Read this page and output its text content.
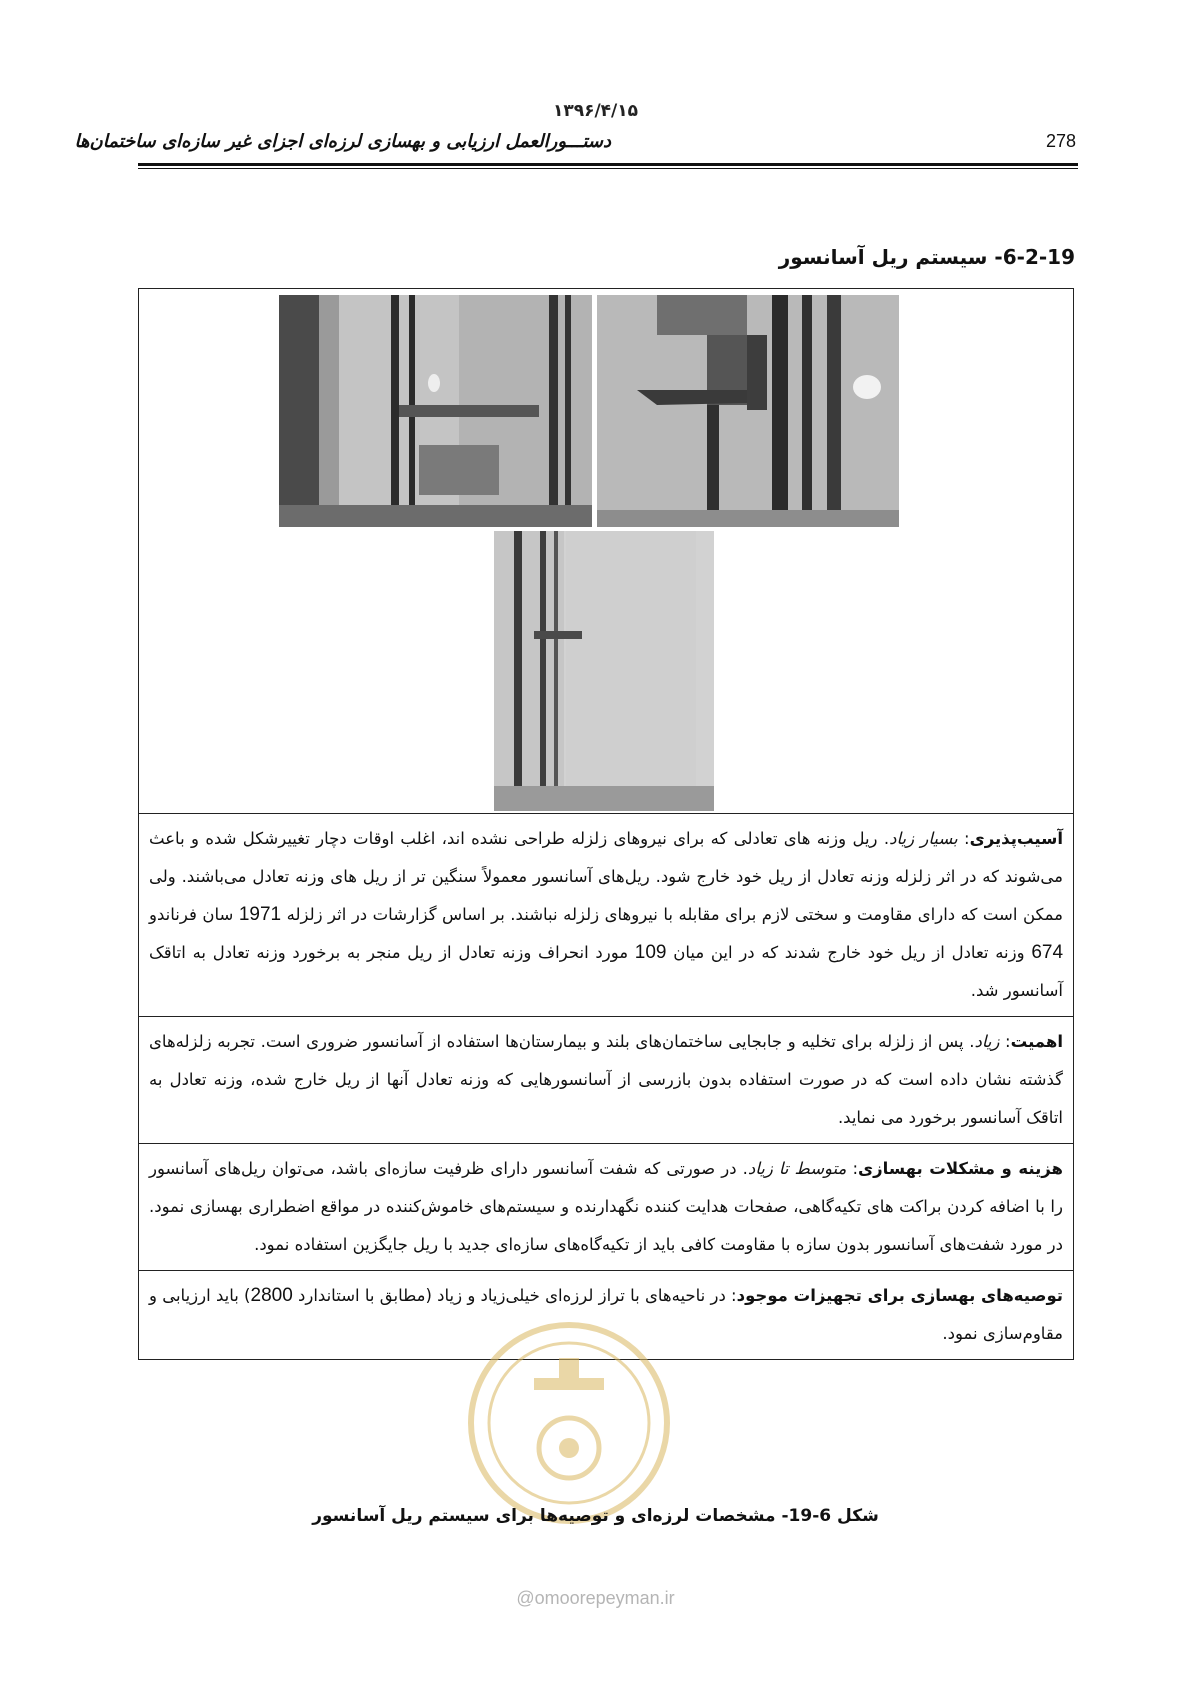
۱۳۹۶/۴/۱۵
دستـــورالعمل ارزیابی و بهسازی لرزه‌ای اجزای غیر سازه‌ای ساختمان‌ها	278
6-2-19- سیستم ریل آسانسور

آسیب‌پذیری: بسیار زیاد. ریل وزنه های تعادلی که برای نیروهای زلزله طراحی نشده اند، اغلب اوقات دچار تغییرشکل شده و باعث می‌شوند که در اثر زلزله وزنه تعادل از ریل خود خارج شود. ریل‌های آسانسور معمولاً سنگین تر از ریل های وزنه تعادل می‌باشند. ولی ممکن است که دارای مقاومت و سختی لازم برای مقابله با نیروهای زلزله نباشند. بر اساس گزارشات در اثر زلزله 1971 سان فرناندو 674 وزنه تعادل از ریل خود خارج شدند که در این میان 109 مورد انحراف وزنه تعادل از ریل منجر به برخورد وزنه تعادل به اتاقک آسانسور شد.
اهمیت: زیاد. پس از زلزله برای تخلیه و جابجایی ساختمان‌های بلند و بیمارستان‌ها استفاده از آسانسور ضروری است. تجربه زلزله‌های گذشته نشان داده است که در صورت استفاده بدون بازرسی از آسانسورهایی که وزنه تعادل آنها از ریل خارج شده، وزنه تعادل به اتاقک آسانسور برخورد می نماید.
هزینه و مشکلات بهسازی: متوسط تا زیاد. در صورتی که شفت آسانسور دارای ظرفیت سازه‌ای باشد، می‌توان ریل‌های آسانسور را با اضافه کردن براکت های تکیه‌گاهی، صفحات هدایت کننده نگهدارنده و سیستم‌های خاموش‌کننده در مواقع اضطراری بهسازی نمود. در مورد شفت‌های آسانسور بدون سازه با مقاومت کافی باید از تکیه‌گاه‌های سازه‌ای جدید با ریل جایگزین استفاده نمود.
توصیه‌های بهسازی برای تجهیزات موجود: در ناحیه‌های با تراز لرزه‌ای خیلی‌زیاد و زیاد (مطابق با استاندارد 2800) باید ارزیابی و مقاوم‌سازی نمود.
شکل 6-19- مشخصات لرزه‌ای و توصیه‌ها برای سیستم ریل آسانسور
@omoorepeyman.ir
